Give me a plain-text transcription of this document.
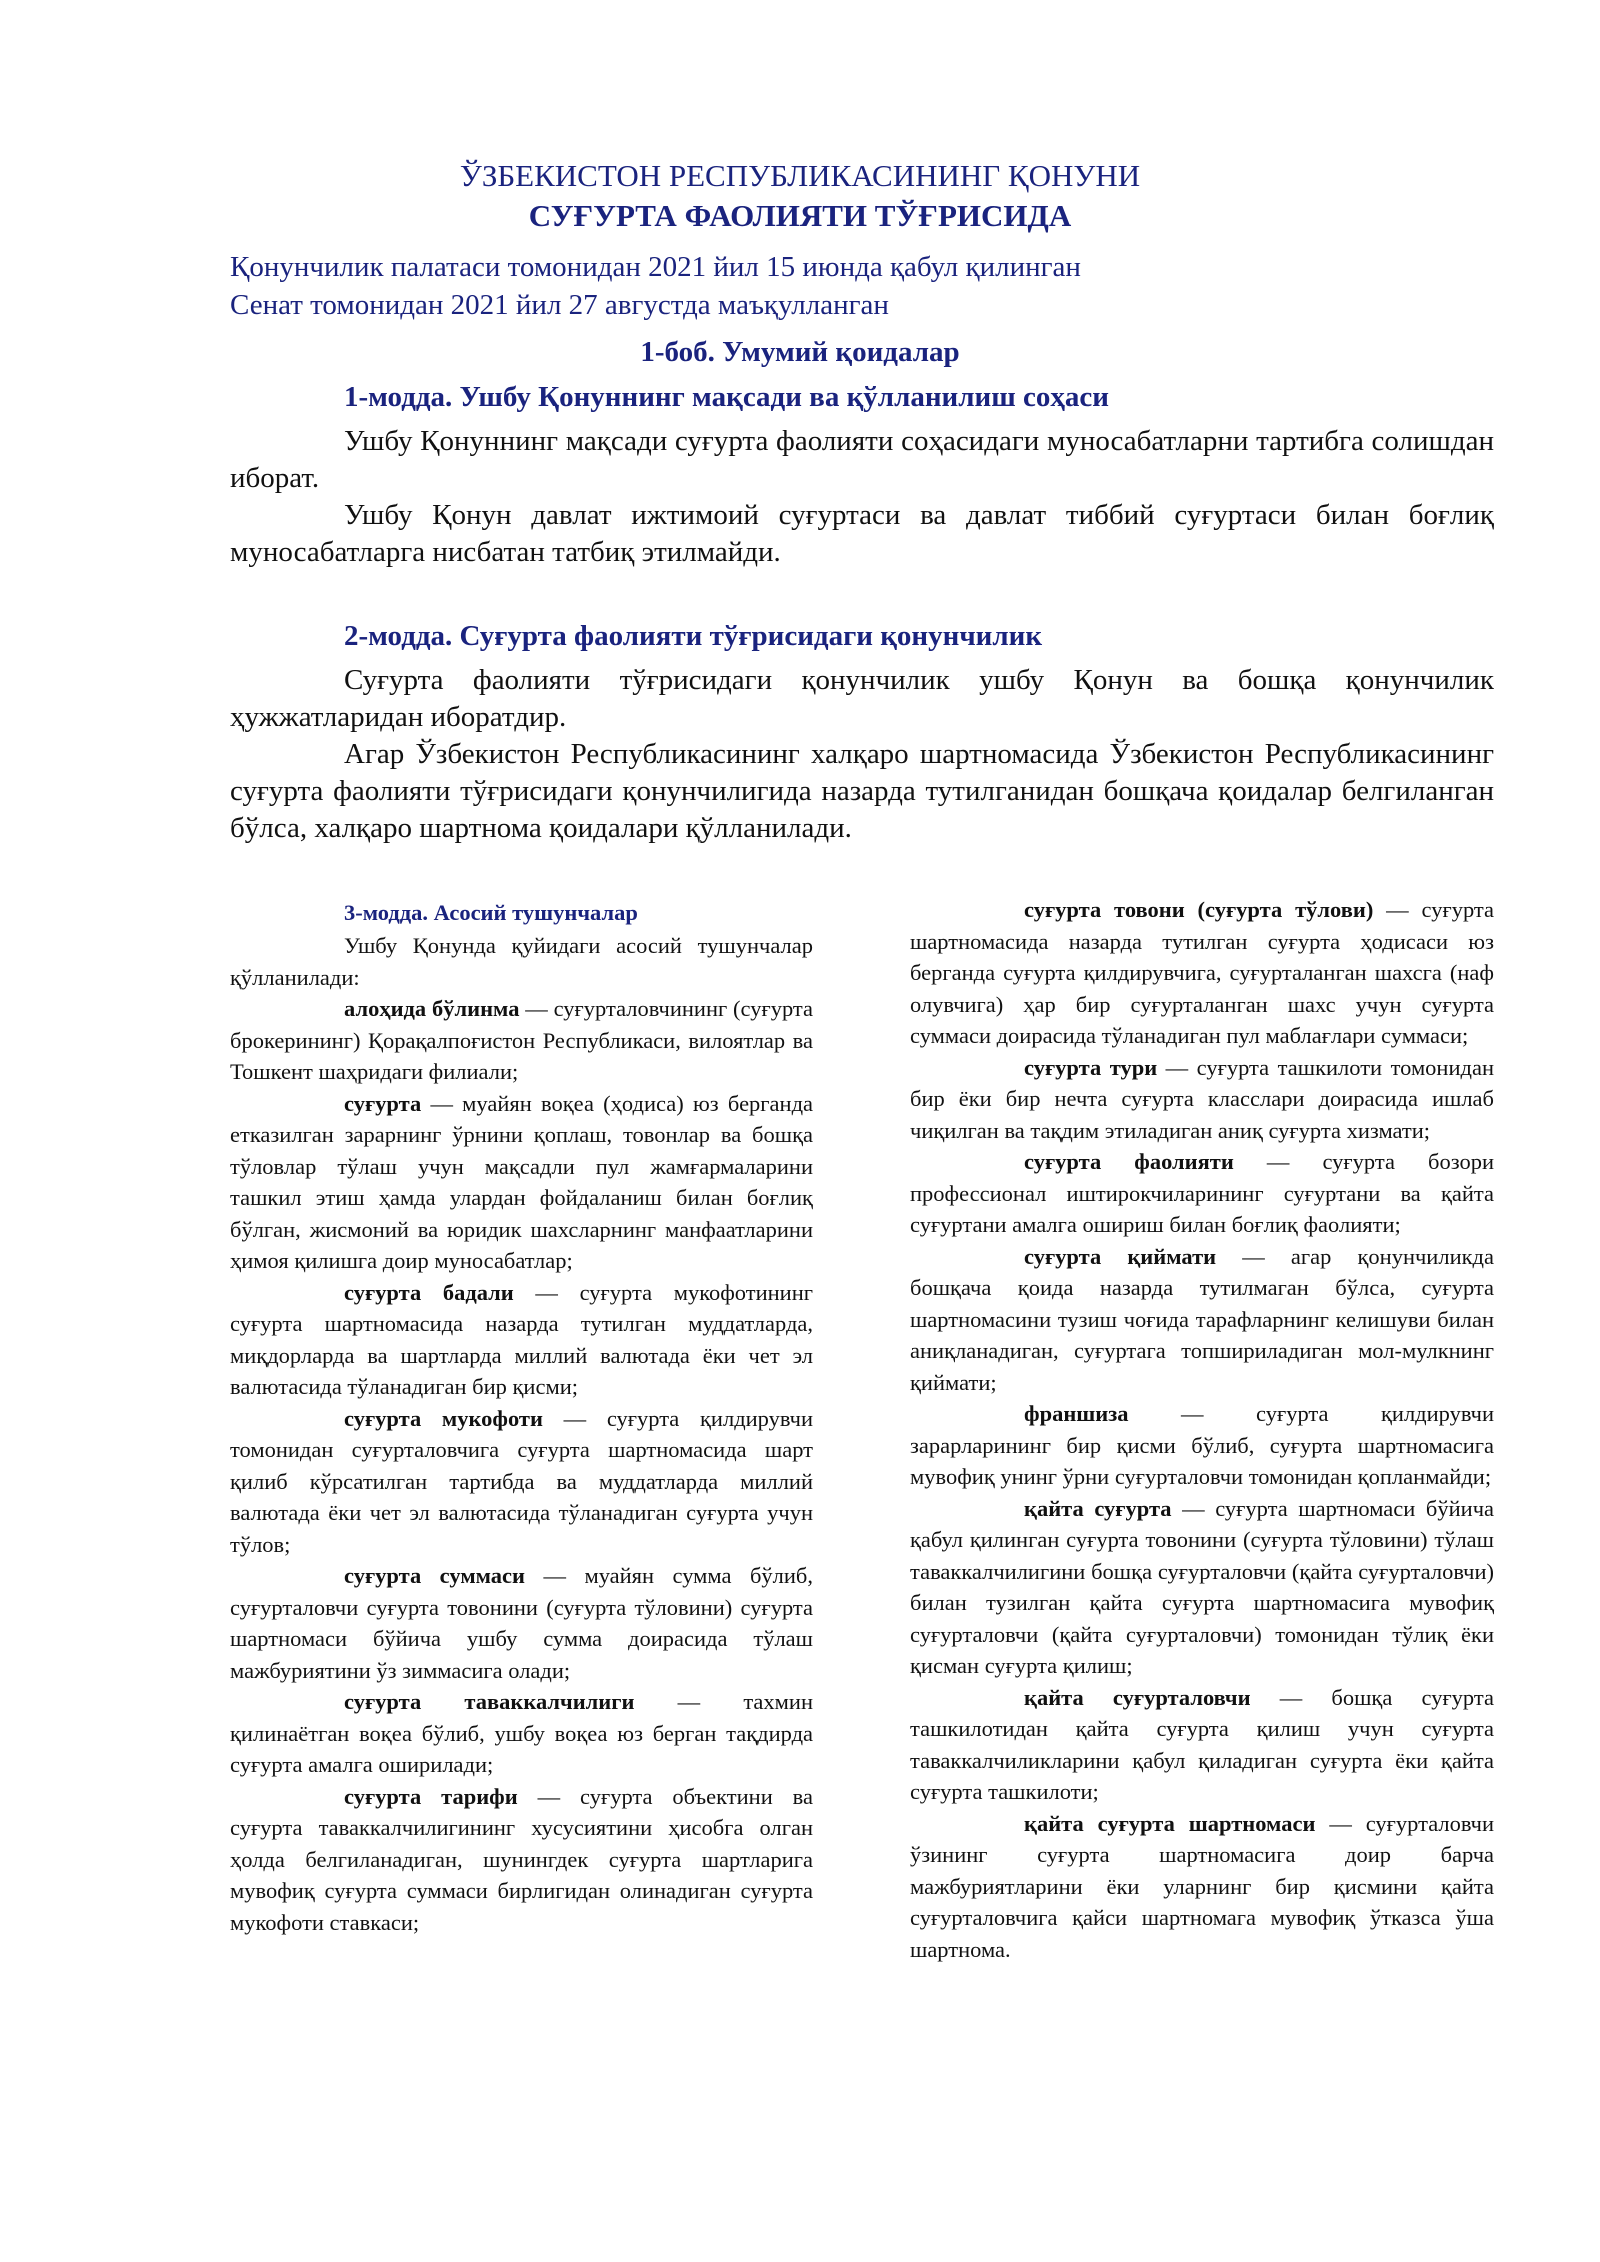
ЎЗБЕКИСТОН РЕСПУБЛИКАСИНИНГ ҚОНУНИ
СУҒУРТА ФАОЛИЯТИ ТЎҒРИСИДА
Қонунчилик палатаси томонидан 2021 йил 15 июнда қабул қилинган
Сенат томонидан 2021 йил 27 августда маъқулланган
1-боб. Умумий қоидалар
1-модда. Ушбу Қонуннинг мақсади ва қўлланилиш соҳаси

Ушбу Қонуннинг мақсади суғурта фаолияти соҳасидаги муносабатларни тартибга солишдан иборат.

Ушбу Қонун давлат ижтимоий суғуртаси ва давлат тиббий суғуртаси билан боғлиқ муносабатларга нисбатан татбиқ этилмайди.

2-модда. Суғурта фаолияти тўғрисидаги қонунчилик

Суғурта фаолияти тўғрисидаги қонунчилик ушбу Қонун ва бошқа қонунчилик ҳужжатларидан иборатдир.

Агар Ўзбекистон Республикасининг халқаро шартномасида Ўзбекистон Республикасининг суғурта фаолияти тўғрисидаги қонунчилигида назарда тутилганидан бошқача қоидалар белгиланган бўлса, халқаро шартнома қоидалари қўлланилади.

3-модда. Асосий тушунчалар

Ушбу Қонунда қуйидаги асосий тушунчалар қўлланилади:

алоҳида бўлинма — суғурталовчининг (суғурта брокерининг) Қорақалпоғистон Республикаси, вилоятлар ва Тошкент шаҳридаги филиали;

суғурта — муайян воқеа (ҳодиса) юз берганда етказилган зарарнинг ўрнини қоплаш, товонлар ва бошқа тўловлар тўлаш учун мақсадли пул жамғармаларини ташкил этиш ҳамда улардан фойдаланиш билан боғлиқ бўлган, жисмоний ва юридик шахсларнинг манфаатларини ҳимоя қилишга доир муносабатлар;

суғурта бадали — суғурта мукофотининг суғурта шартномасида назарда тутилган муддатларда, миқдорларда ва шартларда миллий валютада ёки чет эл валютасида тўланадиган бир қисми;

суғурта мукофоти — суғурта қилдирувчи томонидан суғурталовчига суғурта шартномасида шарт қилиб кўрсатилган тартибда ва муддатларда миллий валютада ёки чет эл валютасида тўланадиган суғурта учун тўлов;

суғурта суммаси — муайян сумма бўлиб, суғурталовчи суғурта товонини (суғурта тўловини) суғурта шартномаси бўйича ушбу сумма доирасида тўлаш мажбуриятини ўз зиммасига олади;

суғурта таваккалчилиги — тахмин қилинаётган воқеа бўлиб, ушбу воқеа юз берган тақдирда суғурта амалга оширилади;

суғурта тарифи — суғурта объектини ва суғурта таваккалчилигининг хусусиятини ҳисобга олган ҳолда белгиланадиган, шунингдек суғурта шартларига мувофиқ суғурта суммаси бирлигидан олинадиган суғурта мукофоти ставкаси;

суғурта товони (суғурта тўлови) — суғурта шартномасида назарда тутилган суғурта ҳодисаси юз берганда суғурта қилдирувчига, суғурталанган шахсга (наф олувчига) ҳар бир суғурталанган шахс учун суғурта суммаси доирасида тўланадиган пул маблағлари суммаси;

суғурта тури — суғурта ташкилоти томонидан бир ёки бир нечта суғурта класслари доирасида ишлаб чиқилган ва тақдим этиладиган аниқ суғурта хизмати;

суғурта фаолияти — суғурта бозори профессионал иштирокчиларининг суғуртани ва қайта суғуртани амалга ошириш билан боғлиқ фаолияти;

суғурта қиймати — агар қонунчиликда бошқача қоида назарда тутилмаган бўлса, суғурта шартномасини тузиш чоғида тарафларнинг келишуви билан аниқланадиган, суғуртага топшириладиган мол-мулкнинг қиймати;

франшиза — суғурта қилдирувчи зарарларининг бир қисми бўлиб, суғурта шартномасига мувофиқ унинг ўрни суғурталовчи томонидан қопланмайди;

қайта суғурта — суғурта шартномаси бўйича қабул қилинган суғурта товонини (суғурта тўловини) тўлаш таваккалчилигини бошқа суғурталовчи (қайта суғурталовчи) билан тузилган қайта суғурта шартномасига мувофиқ суғурталовчи (қайта суғурталовчи) томонидан тўлиқ ёки қисман суғурта қилиш;

қайта суғурталовчи — бошқа суғурта ташкилотидан қайта суғурта қилиш учун суғурта таваккалчиликларини қабул қиладиган суғурта ёки қайта суғурта ташкилоти;

қайта суғурта шартномаси — суғурталовчи ўзининг суғурта шартномасига доир барча мажбуриятларини ёки уларнинг бир қисмини қайта суғурталовчига қайси шартномага мувофиқ ўтказса ўша шартнома.
